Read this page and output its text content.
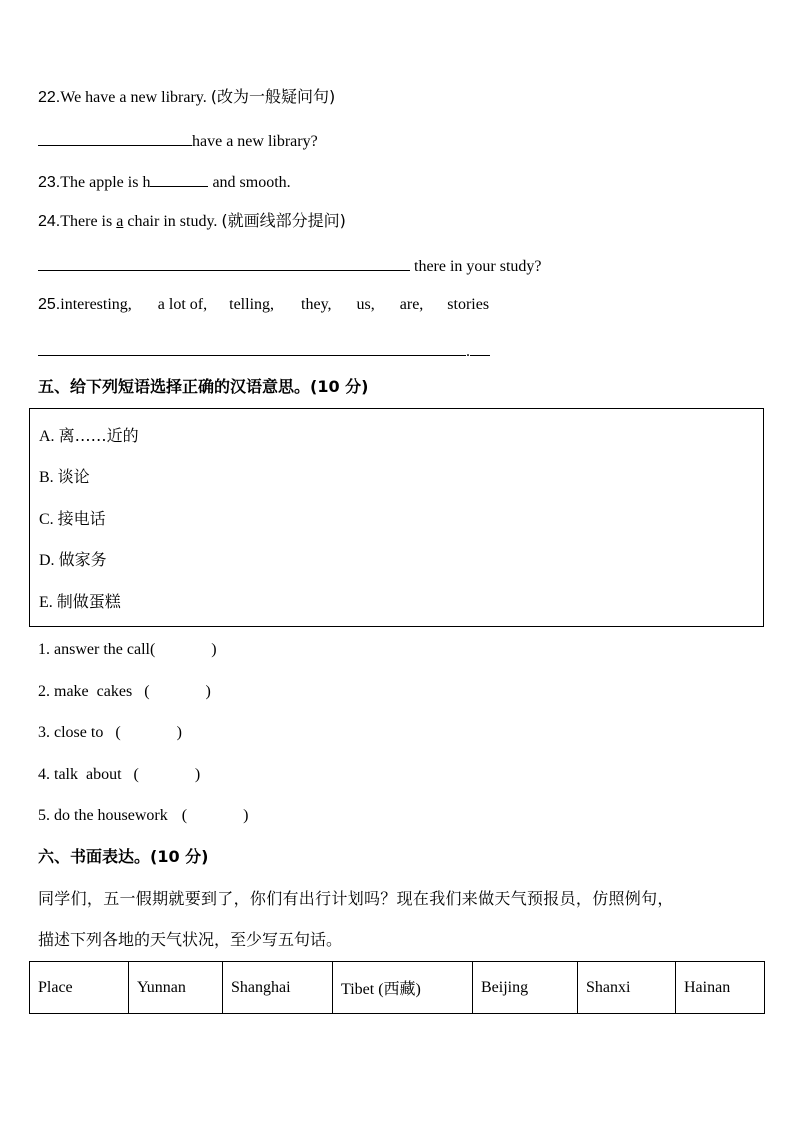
22.We have a new library. (改为一般疑问句)
have a new library?
23.The apple is h	and smooth.
24.There is a chair in study. (就画线部分提问)
there in your study?
25.interesting, a lot of, telling, they, us, are, stories
.
五、给下列短语选择正确的汉语意思。(10 分)
A. 离……近的
B. 谈论
C. 接电话
D. 做家务
E. 制做蛋糕
1. answer the call(              )
2. make  cakes (              )
3. close to (              )
4. talk  about (              )
5. do the housework (              )
六、书面表达。(10 分)
同学们，五一假期就要到了，你们有出行计划吗？现在我们来做天气预报员，仿照例句，
描述下列各地的天气状况，至少写五句话。
Place	Yunnan	Shanghai	Tibet (西藏)	Beijing	Shanxi	Hainan
